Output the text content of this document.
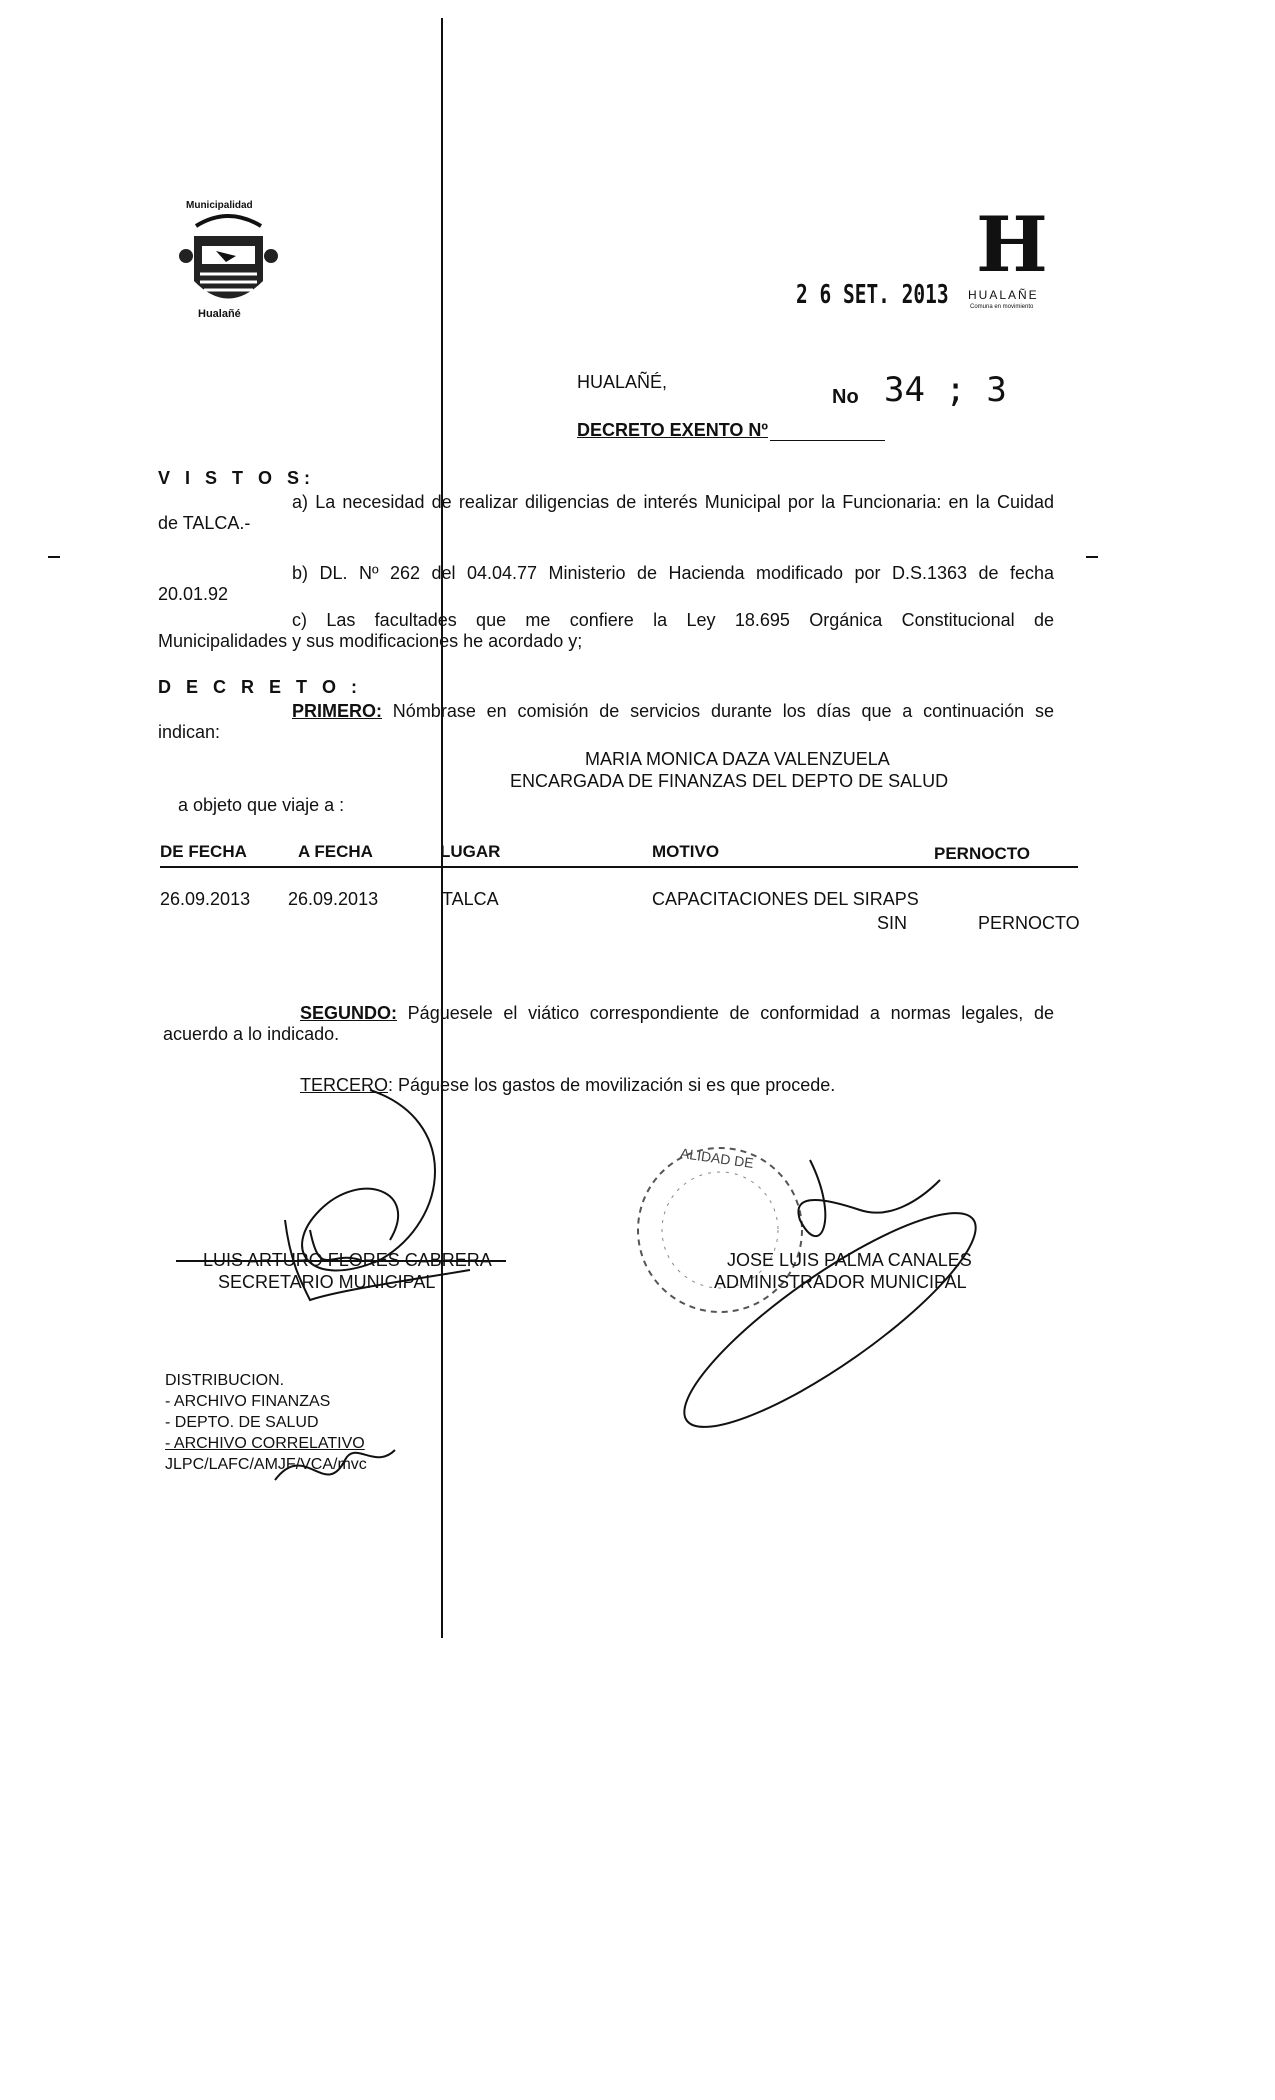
Municipalidad
Hualañé
2 6 SET. 2013
H
HUALAÑE
Comuna en movimiento
HUALAÑÉ,
No 34 ; 3
DECRETO EXENTO Nº
V I S T O S:
a) La necesidad de realizar diligencias de interés Municipal por la Funcionaria: en la Cuidad
de TALCA.-
b) DL. Nº 262 del 04.04.77 Ministerio de Hacienda modificado por D.S.1363 de fecha
20.01.92
c) Las facultades que me confiere la Ley 18.695 Orgánica Constitucional de
Municipalidades y sus modificaciones he acordado y;
D E C R E T O :
PRIMERO: Nómbrase en comisión de servicios durante los días que a continuación se
indican:
MARIA MONICA DAZA VALENZUELA
ENCARGADA DE FINANZAS DEL DEPTO DE SALUD
a objeto que viaje a :
DE FECHA	A FECHA	LUGAR	MOTIVO	PERNOCTO
26.09.2013 26.09.2013	TALCA	CAPACITACIONES DEL SIRAPS
SIN	PERNOCTO
SEGUNDO: Páguesele el viático correspondiente de conformidad a normas legales, de
acuerdo a lo indicado.
TERCERO: Páguese los gastos de movilización si es que procede.
LUIS ARTURO FLORES CABRERA
SECRETARIO MUNICIPAL
ALIDAD DE
JOSE LUIS PALMA CANALES
ADMINISTRADOR MUNICIPAL
DISTRIBUCION.
- ARCHIVO FINANZAS
- DEPTO. DE SALUD
- ARCHIVO CORRELATIVO
JLPC/LAFC/AMJF/VCA/mvc
